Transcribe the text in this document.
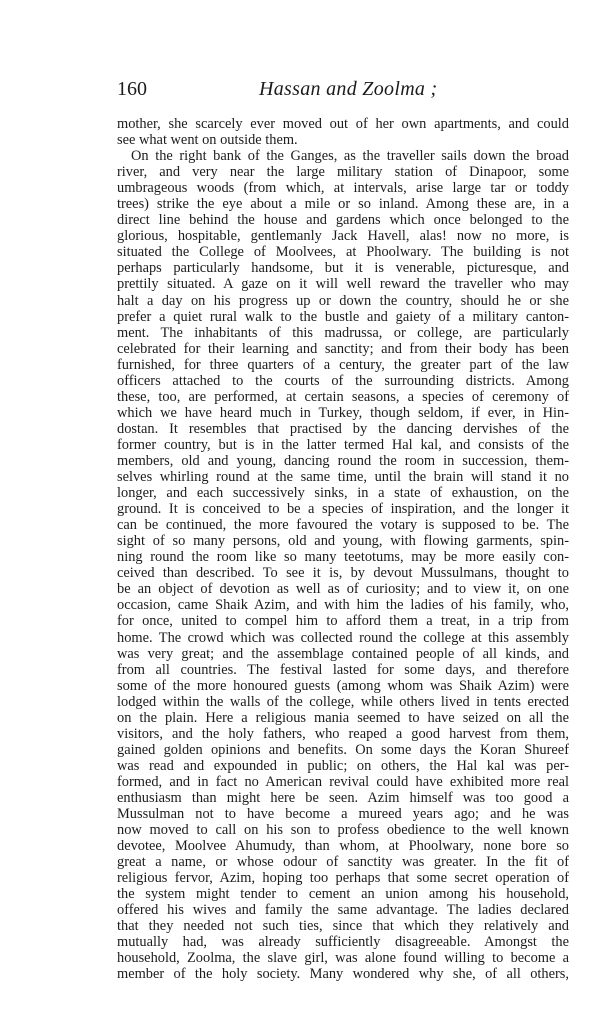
160	Hassan and Zoolma ;
mother, she scarcely ever moved out of her own apartments, and could
see what went on outside them.
On the right bank of the Ganges, as the traveller sails down the broad
river, and very near the large military station of Dinapoor, some
umbrageous woods (from which, at intervals, arise large tar or toddy
trees) strike the eye about a mile or so inland. Among these are, in a
direct line behind the house and gardens which once belonged to the
glorious, hospitable, gentlemanly Jack Havell, alas! now no more, is
situated the College of Moolvees, at Phoolwary. The building is not
perhaps particularly handsome, but it is venerable, picturesque, and
prettily situated. A gaze on it will well reward the traveller who may
halt a day on his progress up or down the country, should he or she
prefer a quiet rural walk to the bustle and gaiety of a military canton-
ment. The inhabitants of this madrussa, or college, are particularly
celebrated for their learning and sanctity; and from their body has been
furnished, for three quarters of a century, the greater part of the law
officers attached to the courts of the surrounding districts. Among
these, too, are performed, at certain seasons, a species of ceremony of
which we have heard much in Turkey, though seldom, if ever, in Hin-
dostan. It resembles that practised by the dancing dervishes of the
former country, but is in the latter termed Hal kal, and consists of the
members, old and young, dancing round the room in succession, them-
selves whirling round at the same time, until the brain will stand it no
longer, and each successively sinks, in a state of exhaustion, on the
ground. It is conceived to be a species of inspiration, and the longer it
can be continued, the more favoured the votary is supposed to be. The
sight of so many persons, old and young, with flowing garments, spin-
ning round the room like so many teetotums, may be more easily con-
ceived than described. To see it is, by devout Mussulmans, thought to
be an object of devotion as well as of curiosity; and to view it, on one
occasion, came Shaik Azim, and with him the ladies of his family, who,
for once, united to compel him to afford them a treat, in a trip from
home. The crowd which was collected round the college at this assembly
was very great; and the assemblage contained people of all kinds, and
from all countries. The festival lasted for some days, and therefore
some of the more honoured guests (among whom was Shaik Azim) were
lodged within the walls of the college, while others lived in tents erected
on the plain. Here a religious mania seemed to have seized on all the
visitors, and the holy fathers, who reaped a good harvest from them,
gained golden opinions and benefits. On some days the Koran Shureef
was read and expounded in public; on others, the Hal kal was per-
formed, and in fact no American revival could have exhibited more real
enthusiasm than might here be seen. Azim himself was too good a
Mussulman not to have become a mureed years ago; and he was
now moved to call on his son to profess obedience to the well known
devotee, Moolvee Ahumudy, than whom, at Phoolwary, none bore so
great a name, or whose odour of sanctity was greater. In the fit of
religious fervor, Azim, hoping too perhaps that some secret operation of
the system might tender to cement an union among his household,
offered his wives and family the same advantage. The ladies declared
that they needed not such ties, since that which they relatively and
mutually had, was already sufficiently disagreeable. Amongst the
household, Zoolma, the slave girl, was alone found willing to become a
member of the holy society. Many wondered why she, of all others,
